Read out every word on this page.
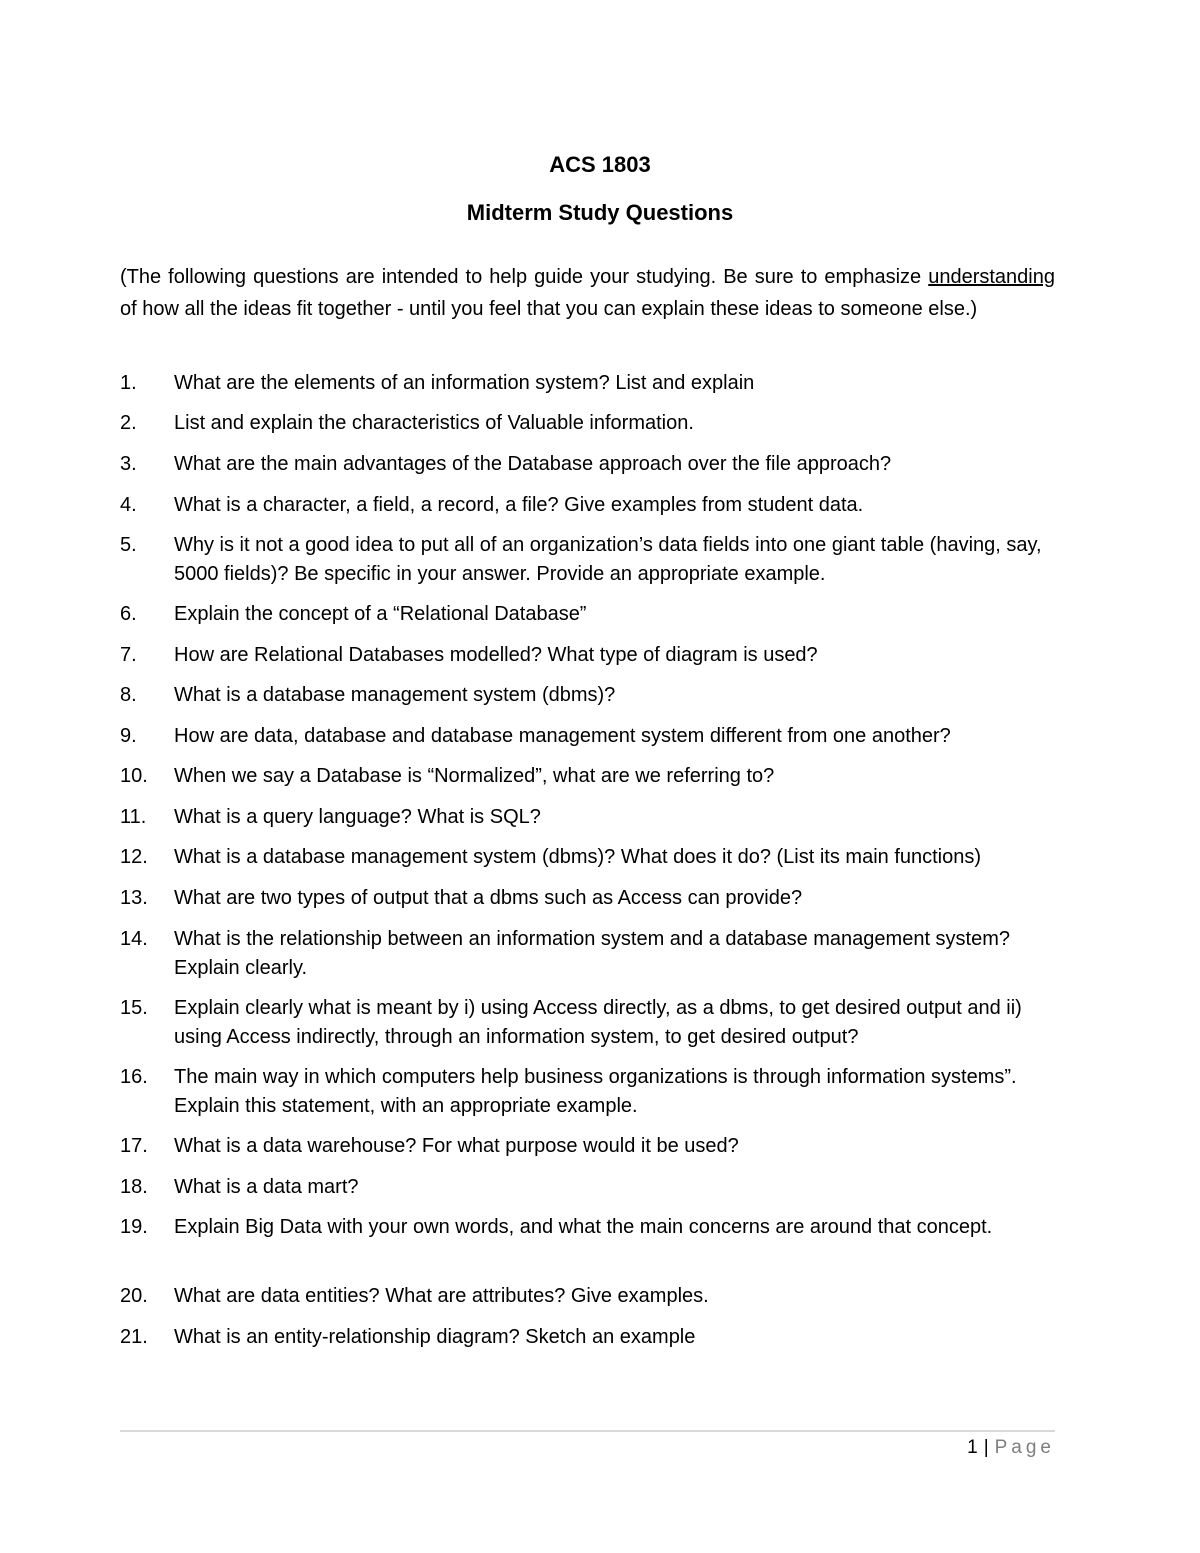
ACS 1803
Midterm Study Questions
(The following questions are intended to help guide your studying. Be sure to emphasize understanding of how all the ideas fit together - until you feel that you can explain these ideas to someone else.)
1.	What are the elements of an information system? List and explain
2.	List and explain the characteristics of Valuable information.
3.	What are the main advantages of the Database approach over the file approach?
4.	What is a character, a field, a record, a file? Give examples from student data.
5.	Why is it not a good idea to put all of an organization’s data fields into one giant table (having, say, 5000 fields)? Be specific in your answer. Provide an appropriate example.
6.	Explain the concept of a “Relational Database”
7.	How are Relational Databases modelled? What type of diagram is used?
8.	What is a database management system (dbms)?
9.	How are data, database and database management system different from one another?
10.	When we say a Database is “Normalized”, what are we referring to?
11.	What is a query language? What is SQL?
12.	What is a database management system (dbms)? What does it do? (List its main functions)
13.	What are two types of output that a dbms such as Access can provide?
14.	What is the relationship between an information system and a database management system? Explain clearly.
15.	Explain clearly what is meant by i) using Access directly, as a dbms, to get desired output and ii) using Access indirectly, through an information system, to get desired output?
16.	The main way in which computers help business organizations is through information systems”. Explain this statement, with an appropriate example.
17.	What is a data warehouse? For what purpose would it be used?
18.	What is a data mart?
19.	Explain Big Data with your own words, and what the main concerns are around that concept.
20.	What are data entities? What are attributes? Give examples.
21.	What is an entity-relationship diagram? Sketch an example
1 | Page
